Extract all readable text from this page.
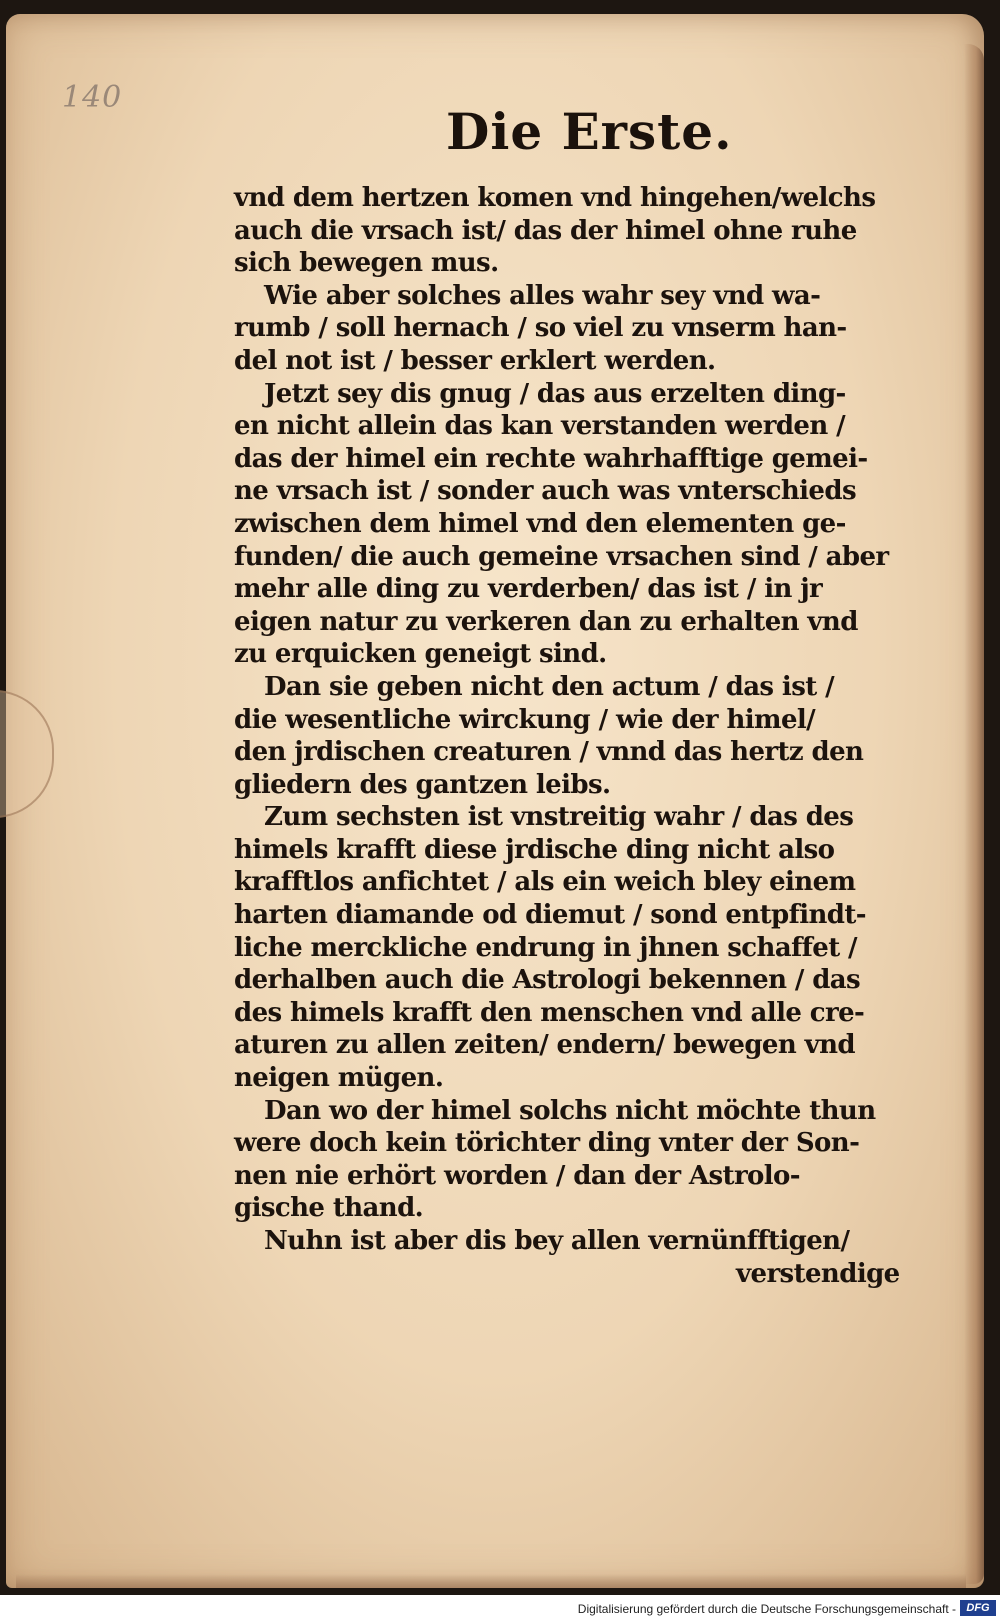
140

Die Erste.
vnd dem hertzen komen vnd hingehen/welchs
auch die vrsach ist/ das der himel ohne ruhe
sich bewegen mus.
Wie aber solches alles wahr sey vnd wa-
rumb / soll hernach / so viel zu vnserm han-
del not ist / besser erklert werden.
Jetzt sey dis gnug / das aus erzelten ding-
en nicht allein das kan verstanden werden /
das der himel ein rechte wahrhafftige gemei-
ne vrsach ist / sonder auch was vnterschieds
zwischen dem himel vnd den elementen ge-
funden/ die auch gemeine vrsachen sind / aber
mehr alle ding zu verderben/ das ist / in jr
eigen natur zu verkeren dan zu erhalten vnd
zu erquicken geneigt sind.
Dan sie geben nicht den actum / das ist /
die wesentliche wirckung / wie der himel/
den jrdischen creaturen / vnnd das hertz den
gliedern des gantzen leibs.
Zum sechsten ist vnstreitig wahr / das des
himels krafft diese jrdische ding nicht also
krafftlos anfichtet / als ein weich bley einem
harten diamande od diemut / sond entpfindt-
liche merckliche endrung in jhnen schaffet /
derhalben auch die Astrologi bekennen / das
des himels krafft den menschen vnd alle cre-
aturen zu allen zeiten/ endern/ bewegen vnd
neigen mügen.
Dan wo der himel solchs nicht möchte thun
were doch kein törichter ding vnter der Son-
nen nie erhört worden / dan der Astrolo-
gische thand.
Nuhn ist aber dis bey allen vernünfftigen/
verstendige
Digitalisierung gefördert durch die Deutsche Forschungsgemeinschaft - DFG
